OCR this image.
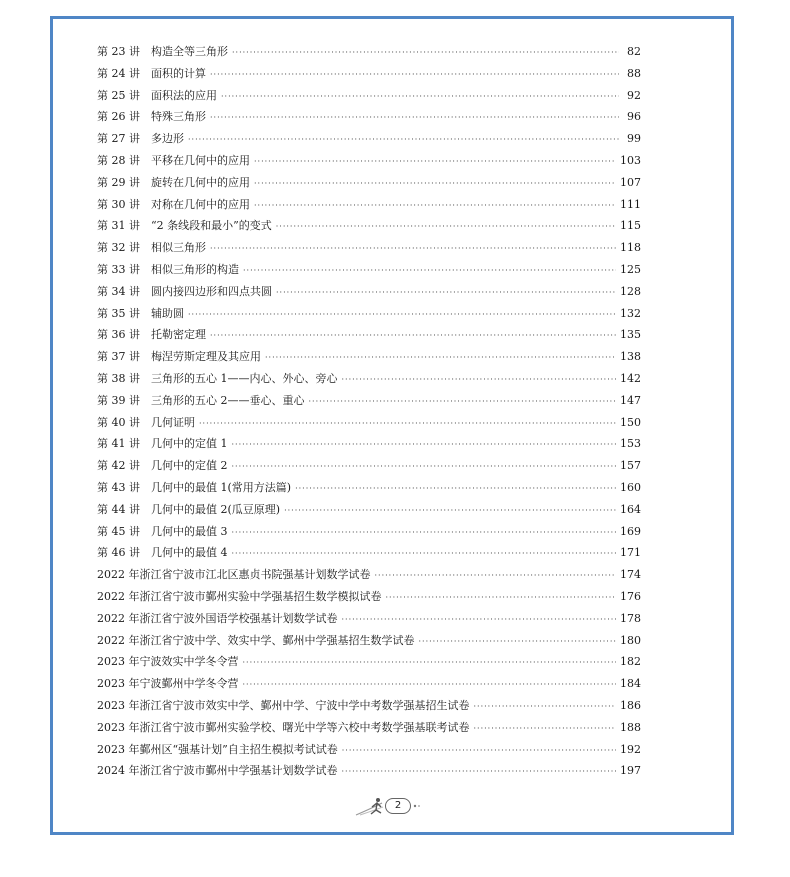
第 23 讲	构造全等三角形 ·····	82
第 24 讲	面积的计算 ·····	88
第 25 讲	面积法的应用 ·····	92
第 26 讲	特殊三角形 ·····	96
第 27 讲	多边形 ·····	99
第 28 讲	平移在几何中的应用 ·····	103
第 29 讲	旋转在几何中的应用 ·····	107
第 30 讲	对称在几何中的应用 ·····	111
第 31 讲	“2 条线段和最小”的变式 ·····	115
第 32 讲	相似三角形 ·····	118
第 33 讲	相似三角形的构造 ·····	125
第 34 讲	圆内接四边形和四点共圆 ·····	128
第 35 讲	辅助圆 ·····	132
第 36 讲	托勒密定理 ·····	135
第 37 讲	梅涅劳斯定理及其应用 ·····	138
第 38 讲	三角形的五心 1——内心、外心、旁心 ·····	142
第 39 讲	三角形的五心 2——垂心、重心 ·····	147
第 40 讲	几何证明 ·····	150
第 41 讲	几何中的定值 1 ·····	153
第 42 讲	几何中的定值 2 ·····	157
第 43 讲	几何中的最值 1(常用方法篇) ·····	160
第 44 讲	几何中的最值 2(瓜豆原理) ·····	164
第 45 讲	几何中的最值 3 ·····	169
第 46 讲	几何中的最值 4 ·····	171
2022 年浙江省宁波市江北区惠贞书院强基计划数学试卷 ·····	174
2022 年浙江省宁波市鄞州实验中学强基招生数学模拟试卷 ·····	176
2022 年浙江省宁波外国语学校强基计划数学试卷 ·····	178
2022 年浙江省宁波中学、效实中学、鄞州中学强基招生数学试卷 ·····	180
2023 年宁波效实中学冬令营 ·····	182
2023 年宁波鄞州中学冬令营 ·····	184
2023 年浙江省宁波市效实中学、鄞州中学、宁波中学中考数学强基招生试卷 ·····	186
2023 年浙江省宁波市鄞州实验学校、曙光中学等六校中考数学强基联考试卷 ·····	188
2023 年鄞州区“强基计划”自主招生模拟考试试卷 ·····	192
2024 年浙江省宁波市鄞州中学强基计划数学试卷 ·····	197
2
